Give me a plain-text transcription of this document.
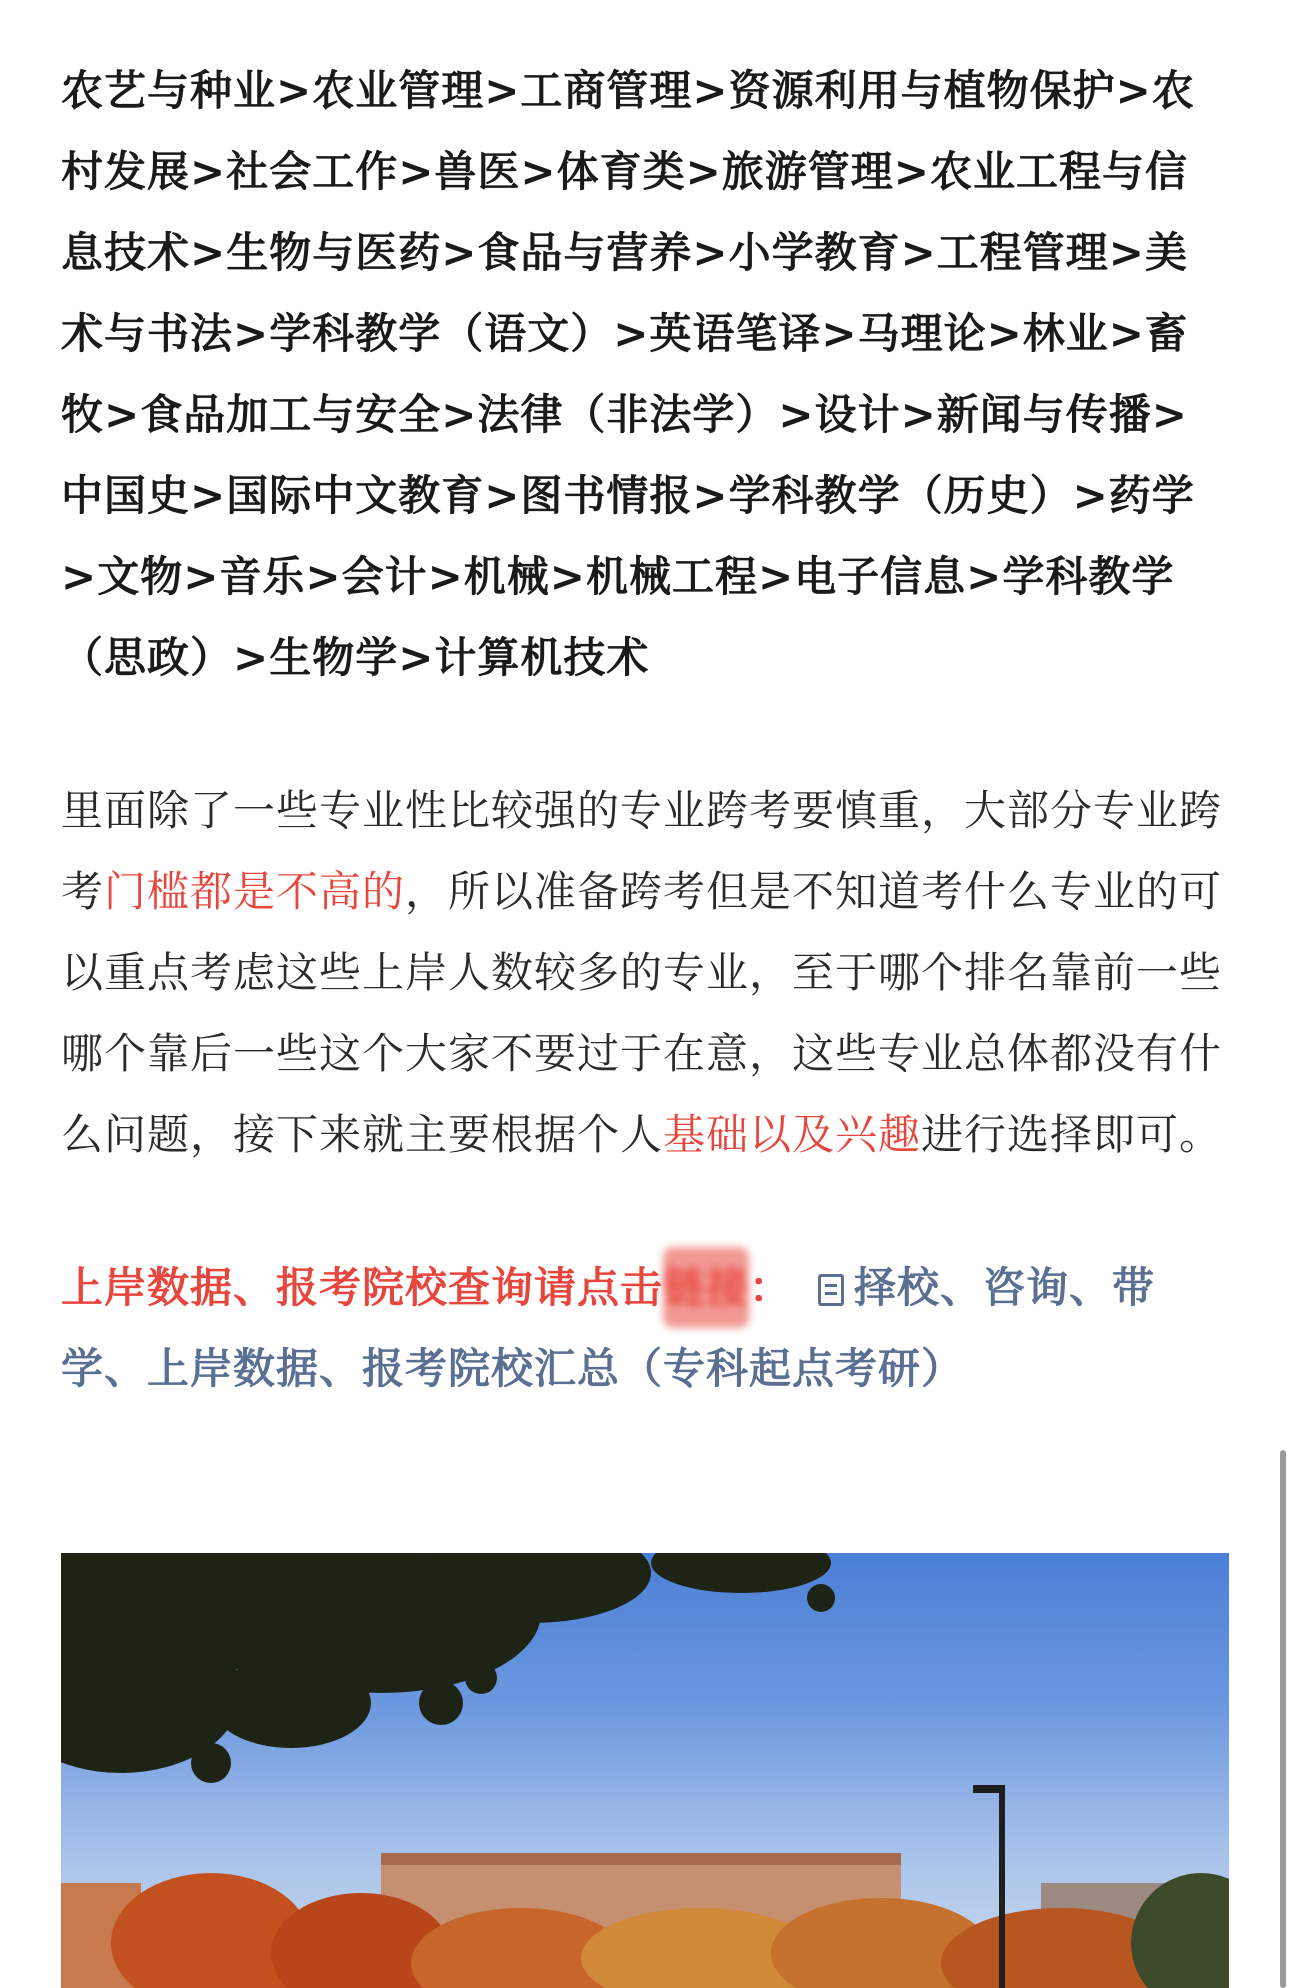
农艺与种业>农业管理>工商管理>资源利用与植物保护>农村发展>社会工作>兽医>体育类>旅游管理>农业工程与信息技术>生物与医药>食品与营养>小学教育>工程管理>美术与书法>学科教学（语文）>英语笔译>马理论>林业>畜牧>食品加工与安全>法律（非法学）>设计>新闻与传播>中国史>国际中文教育>图书情报>学科教学（历史）>药学>文物>音乐>会计>机械>机械工程>电子信息>学科教学（思政）>生物学>计算机技术

里面除了一些专业性比较强的专业跨考要慎重，大部分专业跨考门槛都是不高的，所以准备跨考但是不知道考什么专业的可以重点考虑这些上岸人数较多的专业，至于哪个排名靠前一些哪个靠后一些这个大家不要过于在意，这些专业总体都没有什么问题，接下来就主要根据个人基础以及兴趣进行选择即可。

上岸数据、报考院校查询请点击链接： 择校、咨询、带学、上岸数据、报考院校汇总（专科起点考研）
